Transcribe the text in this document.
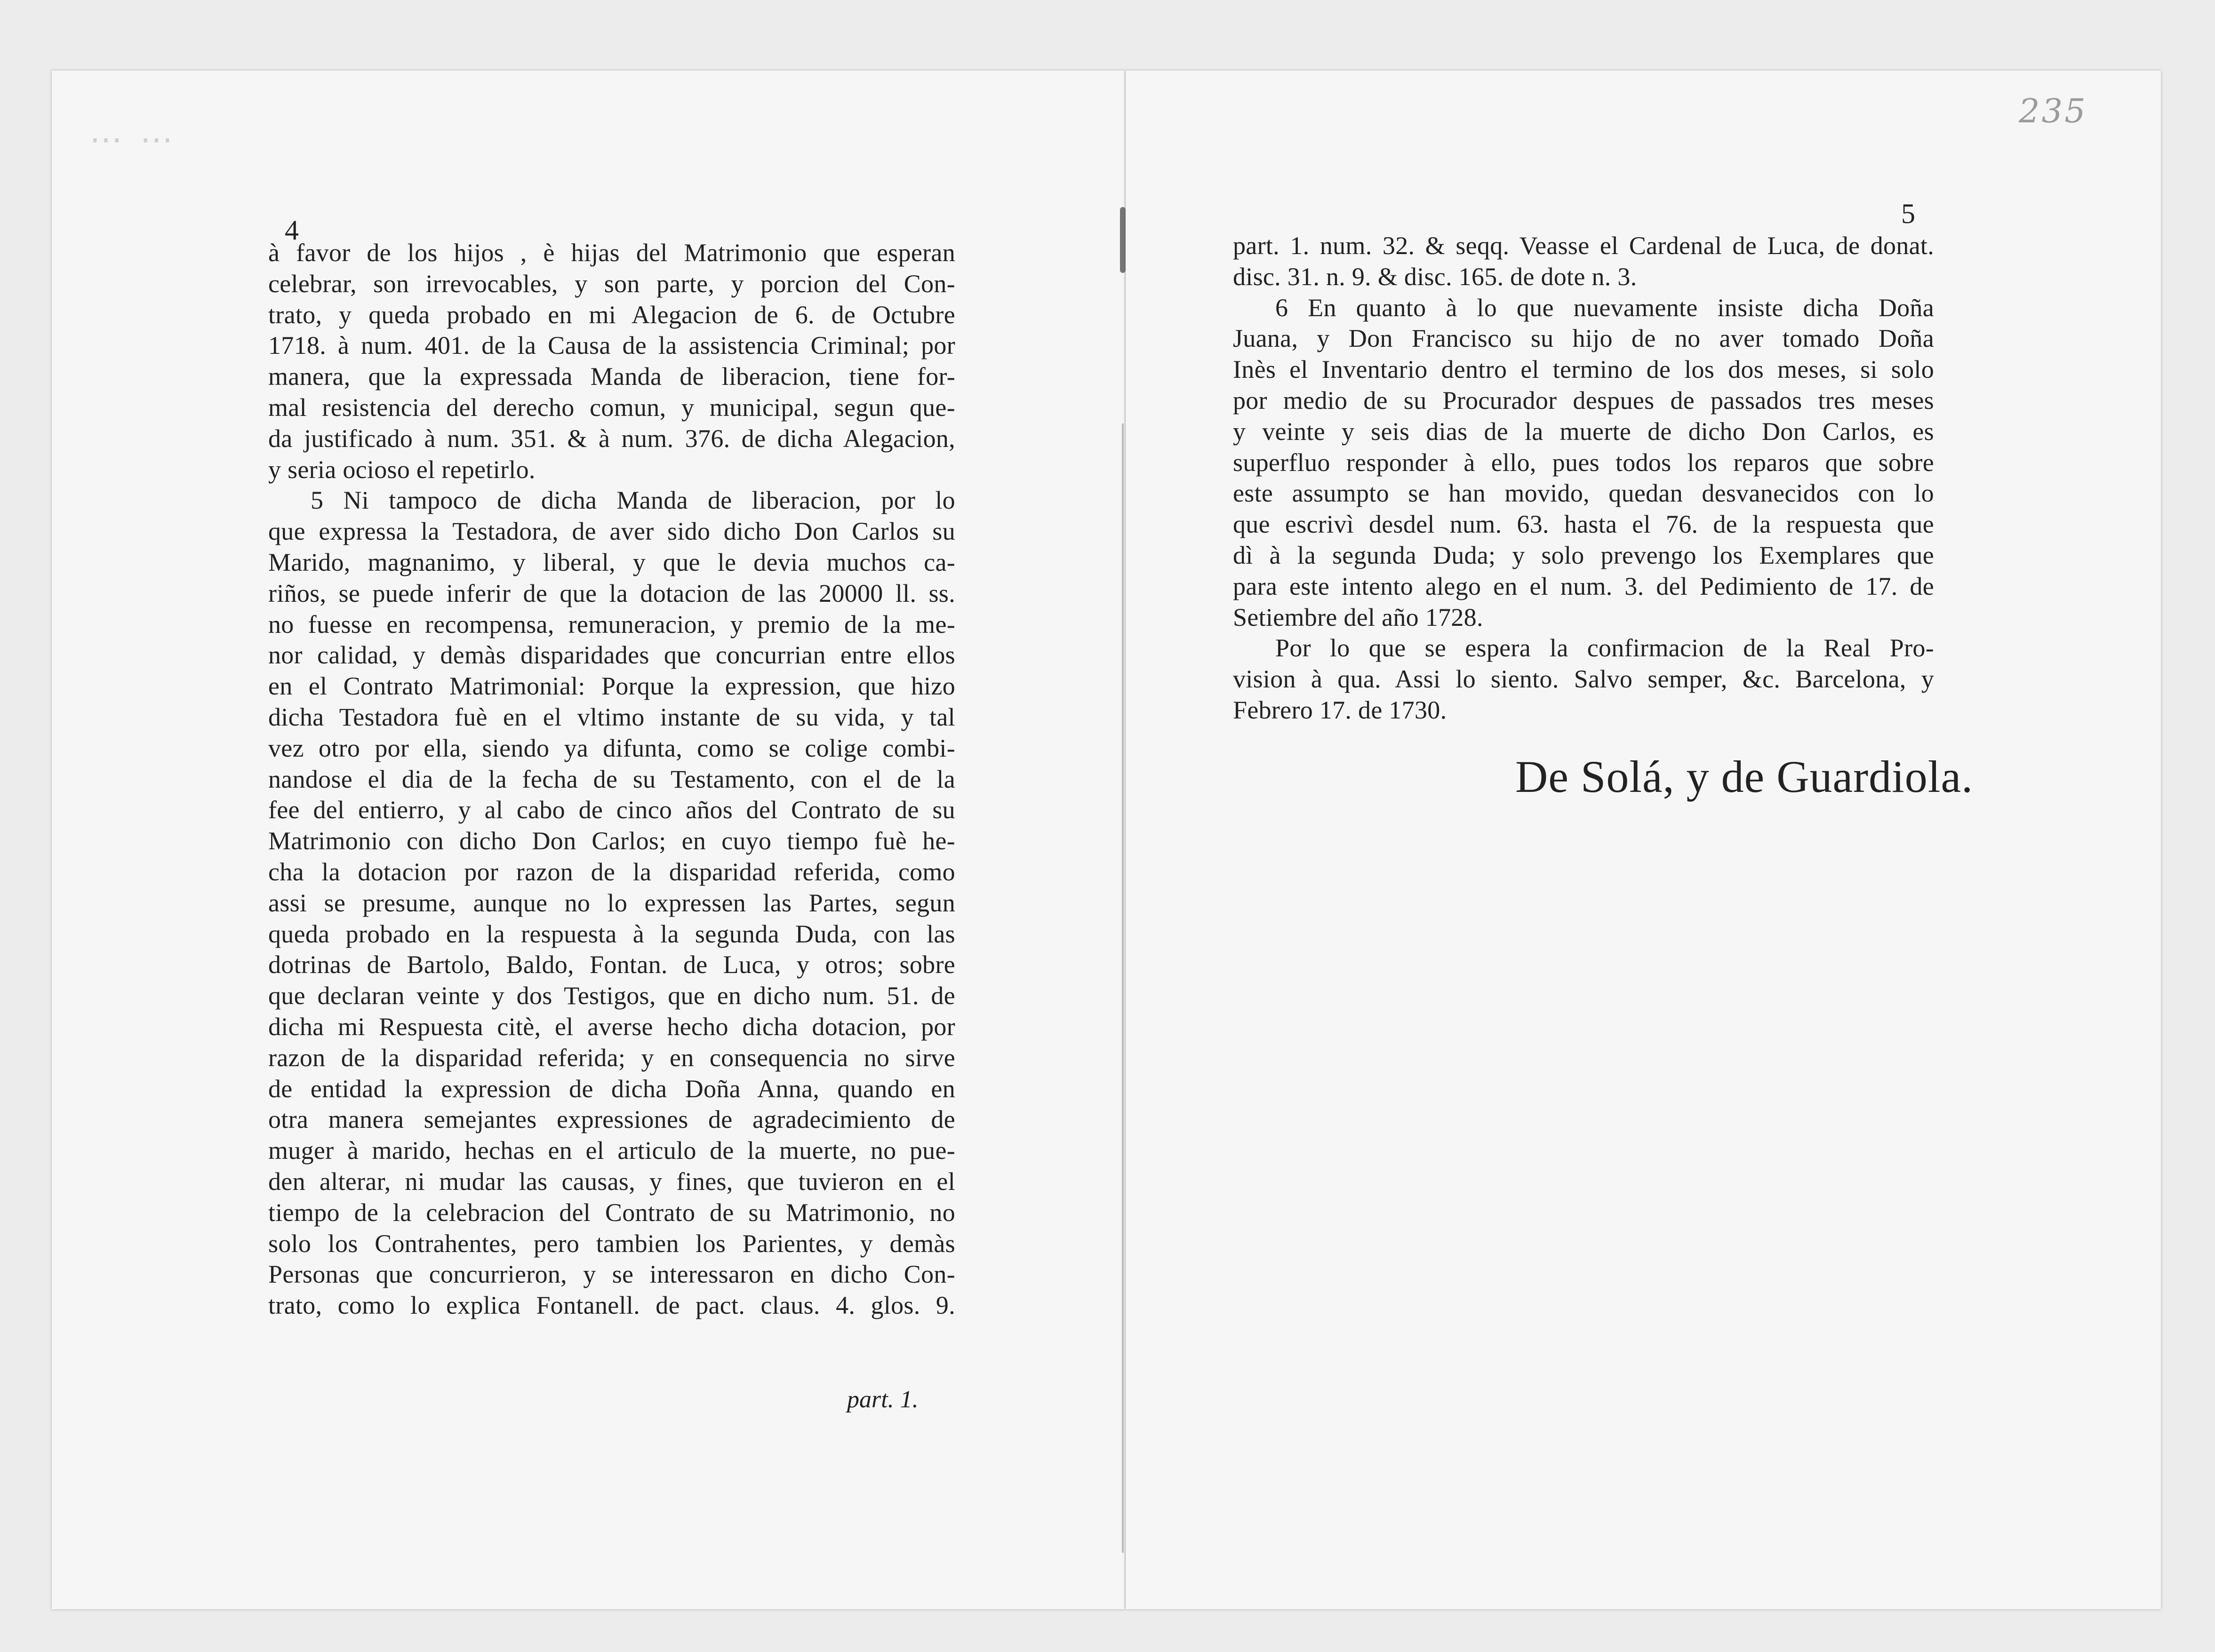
⋯ ⋯
235
4
5
à favor de los hijos , è hijas del Matrimonio que esperan
celebrar, son irrevocables, y son parte, y porcion del Con-
trato, y queda probado en mi Alegacion de 6. de Octubre
1718. à num. 401. de la Causa de la assistencia Criminal; por
manera, que la expressada Manda de liberacion, tiene for-
mal resistencia del derecho comun, y municipal, segun que-
da justificado à num. 351. & à num. 376. de dicha Alegacion,
y seria ocioso el repetirlo.
5 Ni tampoco de dicha Manda de liberacion, por lo
que expressa la Testadora, de aver sido dicho Don Carlos su
Marido, magnanimo, y liberal, y que le devia muchos ca-
riños, se puede inferir de que la dotacion de las 20000 ll. ss.
no fuesse en recompensa, remuneracion, y premio de la me-
nor calidad, y demàs disparidades que concurrian entre ellos
en el Contrato Matrimonial: Porque la expression, que hizo
dicha Testadora fuè en el vltimo instante de su vida, y tal
vez otro por ella, siendo ya difunta, como se colige combi-
nandose el dia de la fecha de su Testamento, con el de la
fee del entierro, y al cabo de cinco años del Contrato de su
Matrimonio con dicho Don Carlos; en cuyo tiempo fuè he-
cha la dotacion por razon de la disparidad referida, como
assi se presume, aunque no lo expressen las Partes, segun
queda probado en la respuesta à la segunda Duda, con las
dotrinas de Bartolo, Baldo, Fontan. de Luca, y otros; sobre
que declaran veinte y dos Testigos, que en dicho num. 51. de
dicha mi Respuesta citè, el averse hecho dicha dotacion, por
razon de la disparidad referida; y en consequencia no sirve
de entidad la expression de dicha Doña Anna, quando en
otra manera semejantes expressiones de agradecimiento de
muger à marido, hechas en el articulo de la muerte, no pue-
den alterar, ni mudar las causas, y fines, que tuvieron en el
tiempo de la celebracion del Contrato de su Matrimonio, no
solo los Contrahentes, pero tambien los Parientes, y demàs
Personas que concurrieron, y se interessaron en dicho Con-
trato, como lo explica Fontanell. de pact. claus. 4. glos. 9.
part. 1.
part. 1. num. 32. & seqq. Veasse el Cardenal de Luca, de donat.
disc. 31. n. 9. & disc. 165. de dote n. 3.
6 En quanto à lo que nuevamente insiste dicha Doña
Juana, y Don Francisco su hijo de no aver tomado Doña
Inès el Inventario dentro el termino de los dos meses, si solo
por medio de su Procurador despues de passados tres meses
y veinte y seis dias de la muerte de dicho Don Carlos, es
superfluo responder à ello, pues todos los reparos que sobre
este assumpto se han movido, quedan desvanecidos con lo
que escrivì desdel num. 63. hasta el 76. de la respuesta que
dì à la segunda Duda; y solo prevengo los Exemplares que
para este intento alego en el num. 3. del Pedimiento de 17. de
Setiembre del año 1728.
Por lo que se espera la confirmacion de la Real Pro-
vision à qua. Assi lo siento. Salvo semper, &c. Barcelona, y
Febrero 17. de 1730.
De Solá, y de Guardiola.
